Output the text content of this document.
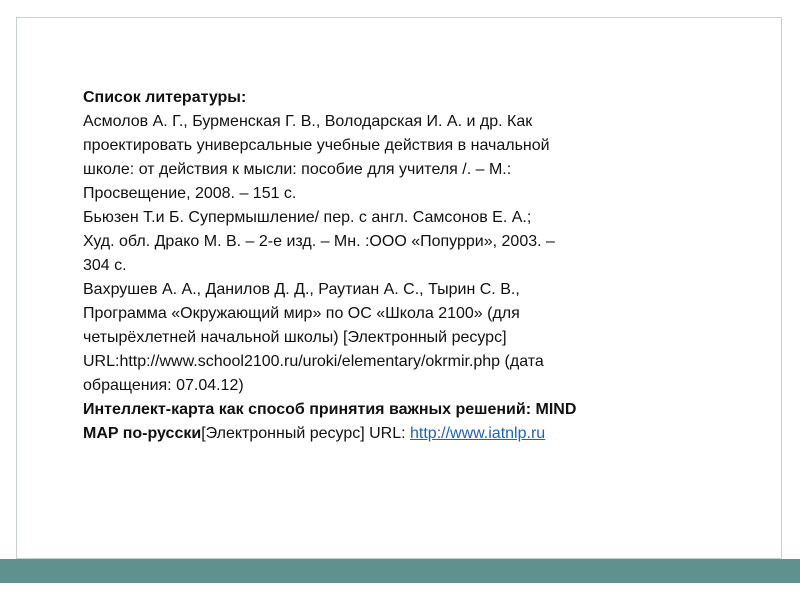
Список литературы:
Асмолов А. Г., Бурменская Г. В., Володарская И. А. и др. Как
проектировать универсальные учебные действия в начальной
школе: от действия к мысли: пособие для учителя /. – М.:
Просвещение, 2008. – 151 с.
Бьюзен Т.и Б. Супермышление/ пер. с англ. Самсонов Е. А.;
Худ. обл. Драко М. В. – 2-е изд. – Мн. :ООО «Попурри», 2003. –
304 с.
Вахрушев А. А., Данилов Д. Д., Раутиан А. С., Тырин С. В.,
Программа «Окружающий мир» по ОС «Школа 2100» (для
четырёхлетней начальной школы) [Электронный ресурс]
URL:http://www.school2100.ru/uroki/elementary/okrmir.php (дата
обращения: 07.04.12)
Интеллект-карта как способ принятия важных решений: MIND
MAP по-русски[Электронный ресурс] URL: http://www.iatnlp.ru
